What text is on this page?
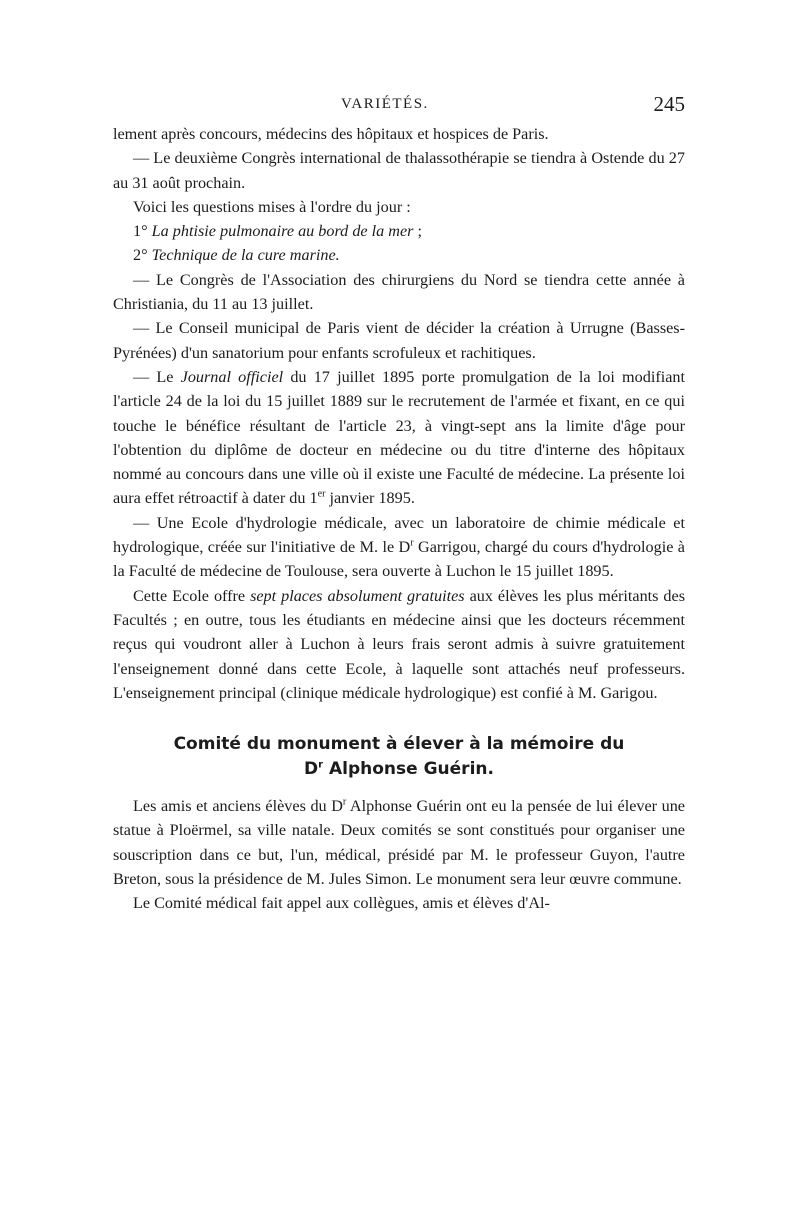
VARIÉTÉS.	245

lement après concours, médecins des hôpitaux et hospices de Paris.

— Le deuxième Congrès international de thalassothérapie se tiendra à Ostende du 27 au 31 août prochain.

Voici les questions mises à l'ordre du jour :

1° La phtisie pulmonaire au bord de la mer ;

2° Technique de la cure marine.

— Le Congrès de l'Association des chirurgiens du Nord se tiendra cette année à Christiania, du 11 au 13 juillet.

— Le Conseil municipal de Paris vient de décider la création à Urrugne (Basses-Pyrénées) d'un sanatorium pour enfants scrofuleux et rachitiques.

— Le Journal officiel du 17 juillet 1895 porte promulgation de la loi modifiant l'article 24 de la loi du 15 juillet 1889 sur le recrutement de l'armée et fixant, en ce qui touche le bénéfice résultant de l'article 23, à vingt-sept ans la limite d'âge pour l'obtention du diplôme de docteur en médecine ou du titre d'interne des hôpitaux nommé au concours dans une ville où il existe une Faculté de médecine. La présente loi aura effet rétroactif à dater du 1er janvier 1895.

— Une Ecole d'hydrologie médicale, avec un laboratoire de chimie médicale et hydrologique, créée sur l'initiative de M. le $D^r$ Garrigou, chargé du cours d'hydrologie à la Faculté de médecine de Toulouse, sera ouverte à Luchon le 15 juillet 1895.

Cette Ecole offre sept places absolument gratuites aux élèves les plus méritants des Facultés ; en outre, tous les étudiants en médecine ainsi que les docteurs récemment reçus qui voudront aller à Luchon à leurs frais seront admis à suivre gratuitement l'enseignement donné dans cette Ecole, à laquelle sont attachés neuf professeurs. L'enseignement principal (clinique médicale hydrologique) est confié à M. Garigou.

Comité du monument à élever à la mémoire du
$D^r$ Alphonse Guérin.

Les amis et anciens élèves du $D^r$ Alphonse Guérin ont eu la pensée de lui élever une statue à Ploërmel, sa ville natale. Deux comités se sont constitués pour organiser une souscription dans ce but, l'un, médical, présidé par M. le professeur Guyon, l'autre Breton, sous la présidence de M. Jules Simon. Le monument sera leur œuvre commune.

Le Comité médical fait appel aux collègues, amis et élèves d'Al-
